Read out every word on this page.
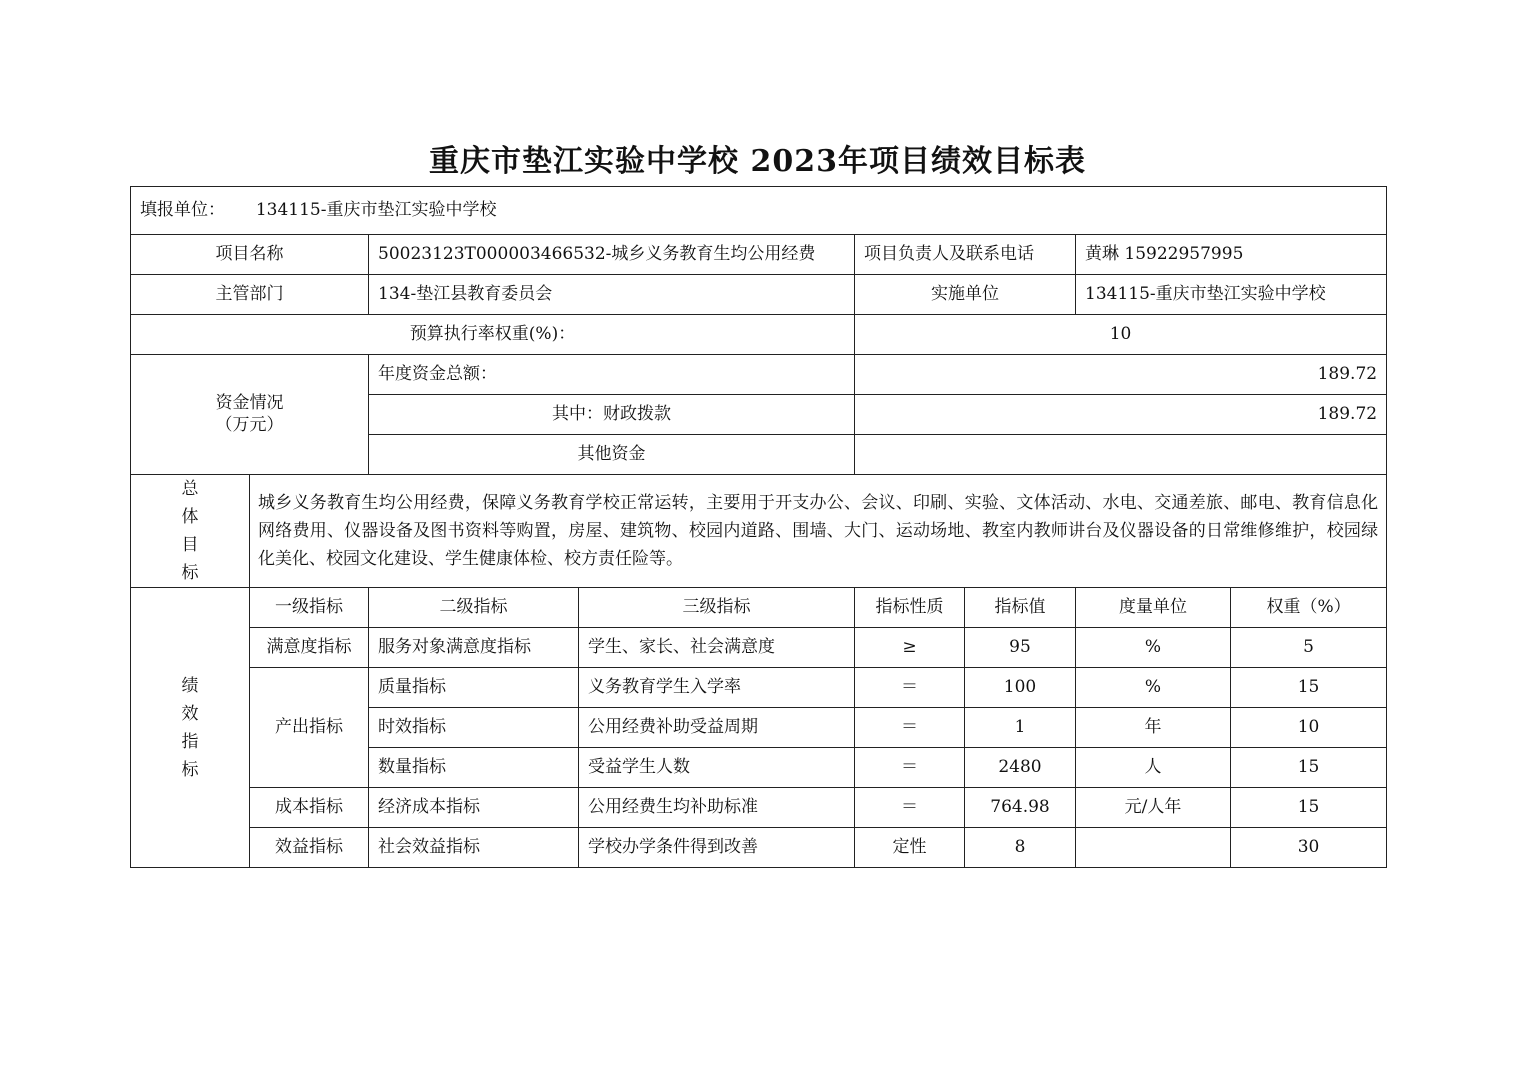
重庆市垫江实验中学校 2023年项目绩效目标表
填报单位： 134115-重庆市垫江实验中学校							
项目名称		50023123T000003466532-城乡义务教育生均公用经费		项目负责人及联系电话		黄琳 15922957995	
主管部门		134-垫江县教育委员会		实施单位		134115-重庆市垫江实验中学校	
预算执行率权重(%)：				10			

资金情况
（万元）		年度资金总额：		189.72			
		其中：财政拨款		189.72			
		其他资金					

总
体
目
标	城乡义务教育生均公用经费，保障义务教育学校正常运转，主要用于开支办公、会议、印刷、实验、文体活动、水电、交通差旅、邮电、教育信息化网络费用、仪器设备及图书资料等购置，房屋、建筑物、校园内道路、围墙、大门、运动场地、教室内教师讲台及仪器设备的日常维修维护，校园绿化美化、校园文化建设、学生健康体检、校方责任险等。						

绩
效
指
标	一级指标	二级指标	三级指标	指标性质	指标值	度量单位	权重（%）
	满意度指标	服务对象满意度指标	学生、家长、社会满意度	≥	95	%	5
	产出指标	质量指标	义务教育学生入学率	＝	100	%	15
		时效指标	公用经费补助受益周期	＝	1	年	10
		数量指标	受益学生人数	＝	2480	人	15
	成本指标	经济成本指标	公用经费生均补助标准	＝	764.98	元/人年	15
	效益指标	社会效益指标	学校办学条件得到改善	定性	8		30
